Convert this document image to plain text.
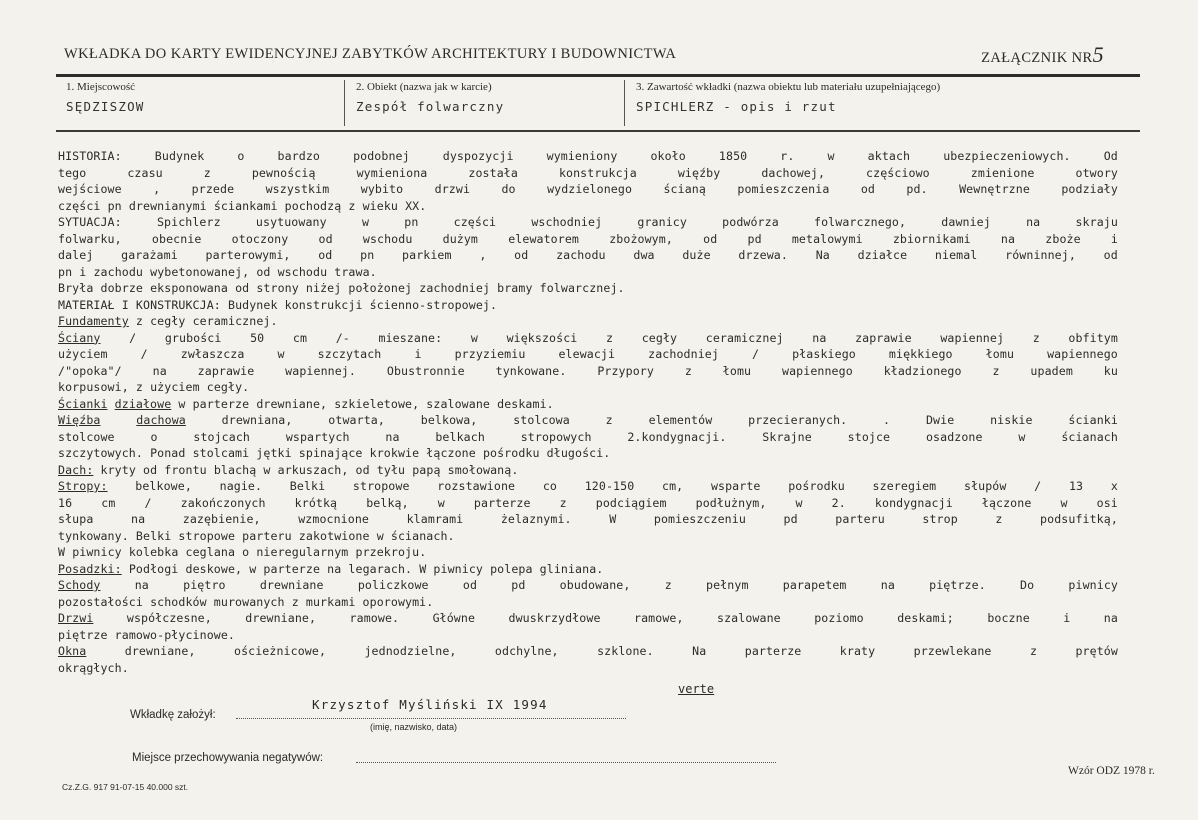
WKŁADKA DO KARTY EWIDENCYJNEJ ZABYTKÓW ARCHITEKTURY I BUDOWNICTWA	ZAŁĄCZNIK NR5
1. Miejscowość
SĘDZISZOW
2. Obiekt (nazwa jak w karcie)
Zespół folwarczny
3. Zawartość wkładki (nazwa obiektu lub materiału uzupełniającego)
SPICHLERZ - opis i rzut
HISTORIA:	Budynek	o	bardzo	podobnej	dyspozycji	wymieniony	około	1850	r.	w	aktach	ubezpieczeniowych.	Od
tego	czasu	z	pewnością	wymieniona	została	konstrukcja	więźby	dachowej,	częściowo	zmienione	otwory
wejściowe	,	przede	wszystkim	wybito	drzwi	do	wydzielonego	ścianą	pomieszczenia	od	pd.	Wewnętrzne	podziały
części pn drewnianymi ściankami pochodzą z wieku XX.
SYTUACJA:	Spichlerz	usytuowany	w	pn	części	wschodniej	granicy	podwórza	folwarcznego,	dawniej	na	skraju
folwarku,	obecnie	otoczony	od	wschodu	dużym	elewatorem	zbożowym,	od	pd	metalowymi	zbiornikami	na	zboże	i
dalej garażami parterowymi, od pn parkiem , od zachodu dwa duże drzewa. Na działce niemal równinnej, od
pn i zachodu wybetonowanej, od wschodu trawa.
Bryła dobrze eksponowana od strony niżej położonej zachodniej bramy folwarcznej.
MATERIAŁ I KONSTRUKCJA: Budynek konstrukcji ścienno-stropowej.
Fundamenty z cegły ceramicznej.
Ściany / grubości 50 cm /- mieszane: w większości z cegły ceramicznej na zaprawie wapiennej z obfitym
użyciem	/	zwłaszcza	w	szczytach	i	przyziemiu	elewacji	zachodniej	/	płaskiego	miękkiego	łomu	wapiennego
/"opoka"/	na	zaprawie	wapiennej.	Obustronnie	tynkowane.	Przypory	z	łomu	wapiennego	kładzionego	z	upadem	ku
korpusowi, z użyciem cegły.
Ścianki działowe w parterze drewniane, szkieletowe, szalowane deskami.
Więźba	dachowa	drewniana,	otwarta,	belkowa,	stolcowa	z	elementów	przecieranych.	.	Dwie	niskie	ścianki
stolcowe	o	stojcach	wspartych	na	belkach	stropowych	2.kondygnacji.	Skrajne	stojce	osadzone	w	ścianach
szczytowych. Ponad stolcami jętki spinające krokwie łączone pośrodku długości.
Dach: kryty od frontu blachą w arkuszach, od tyłu papą smołowaną.
Stropy: belkowe, nagie. Belki stropowe rozstawione co 120-150 cm, wsparte pośrodku szeregiem słupów / 13 x
16	cm	/	zakończonych	krótką	belką,	w	parterze	z	podciągiem	podłużnym,	w	2.	kondygnacji	łączone	w	osi
słupa	na	zazębienie,	wzmocnione	klamrami	żelaznymi.	W	pomieszczeniu	pd	parteru	strop	z	podsufitką,
tynkowany. Belki stropowe parteru zakotwione w ścianach.
W piwnicy kolebka ceglana o nieregularnym przekroju.
Posadzki: Podłogi deskowe, w parterze na legarach. W piwnicy polepa gliniana.
Schody	na	piętro	drewniane	policzkowe	od	pd	obudowane,	z	pełnym	parapetem	na	piętrze.	Do	piwnicy
pozostałości schodków murowanych z murkami oporowymi.
Drzwi	współczesne,	drewniane,	ramowe.	Główne	dwuskrzydłowe	ramowe,	szalowane	poziomo	deskami;	boczne	i	na
piętrze ramowo-płycinowe.
Okna	drewniane,	ościeżnicowe,	jednodzielne,	odchylne,	szklone.	Na	parterze	kraty	przewlekane	z	prętów
okrągłych.
verte
Wkładkę założył:
Krzysztof Myśliński IX 1994
(imię, nazwisko, data)
Miejsce przechowywania negatywów:
Wzór ODZ 1978 r.
Cz.Z.G. 917 91-07-15 40.000 szt.
